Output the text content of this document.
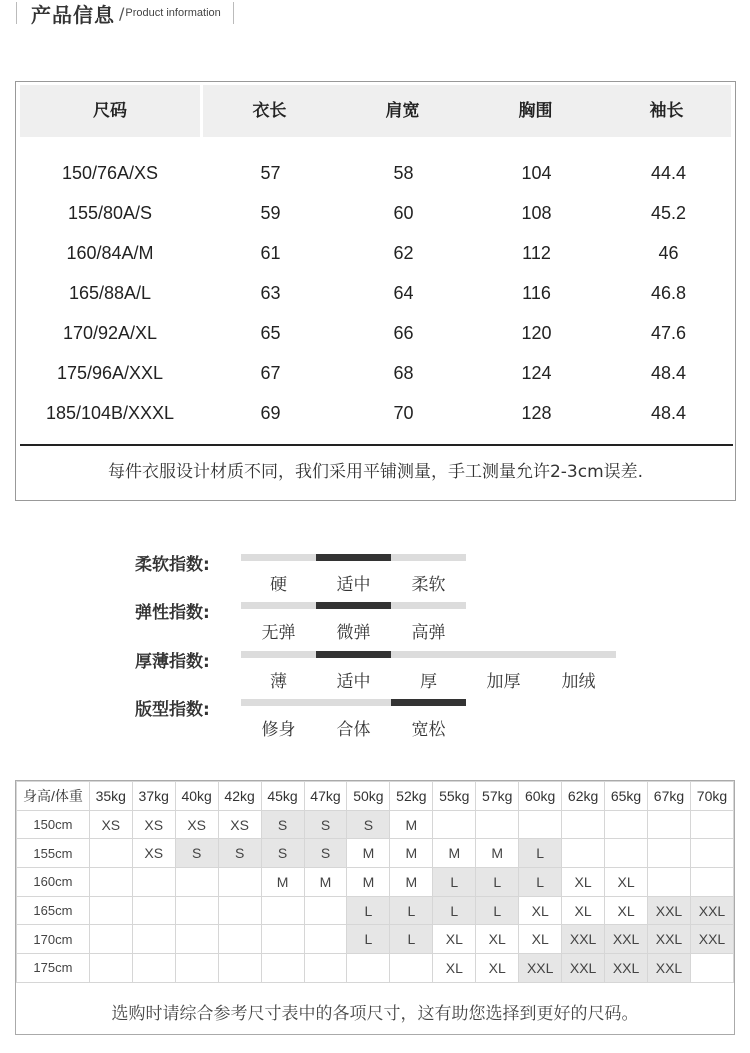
产品信息 / Product information
尺码	衣长	肩宽	胸围	袖长
150/76A/XS	57	58	104	44.4
155/80A/S	59	60	108	45.2
160/84A/M	61	62	112	46
165/88A/L	63	64	116	46.8
170/92A/XL	65	66	120	47.6
175/96A/XXL	67	68	124	48.4
185/104B/XXXL	69	70	128	48.4
每件衣服设计材质不同，我们采用平铺测量，手工测量允许2-3cm误差.
柔软指数:
硬	适中	柔软
弹性指数:
无弹	微弹	高弹
厚薄指数:
薄	适中	厚	加厚	加绒
版型指数:
修身	合体	宽松
身高/体重	35kg	37kg	40kg	42kg	45kg	47kg	50kg	52kg	55kg	57kg	60kg	62kg	65kg	67kg	70kg
150cm	XS	XS	XS	XS	S	S	S	M							
155cm		XS	S	S	S	S	M	M	M	M	L				
160cm					M	M	M	M	L	L	L	XL	XL		
165cm							L	L	L	L	XL	XL	XL	XXL	XXL
170cm							L	L	XL	XL	XL	XXL	XXL	XXL	XXL
175cm									XL	XL	XXL	XXL	XXL	XXL	
选购时请综合参考尺寸表中的各项尺寸，这有助您选择到更好的尺码。
